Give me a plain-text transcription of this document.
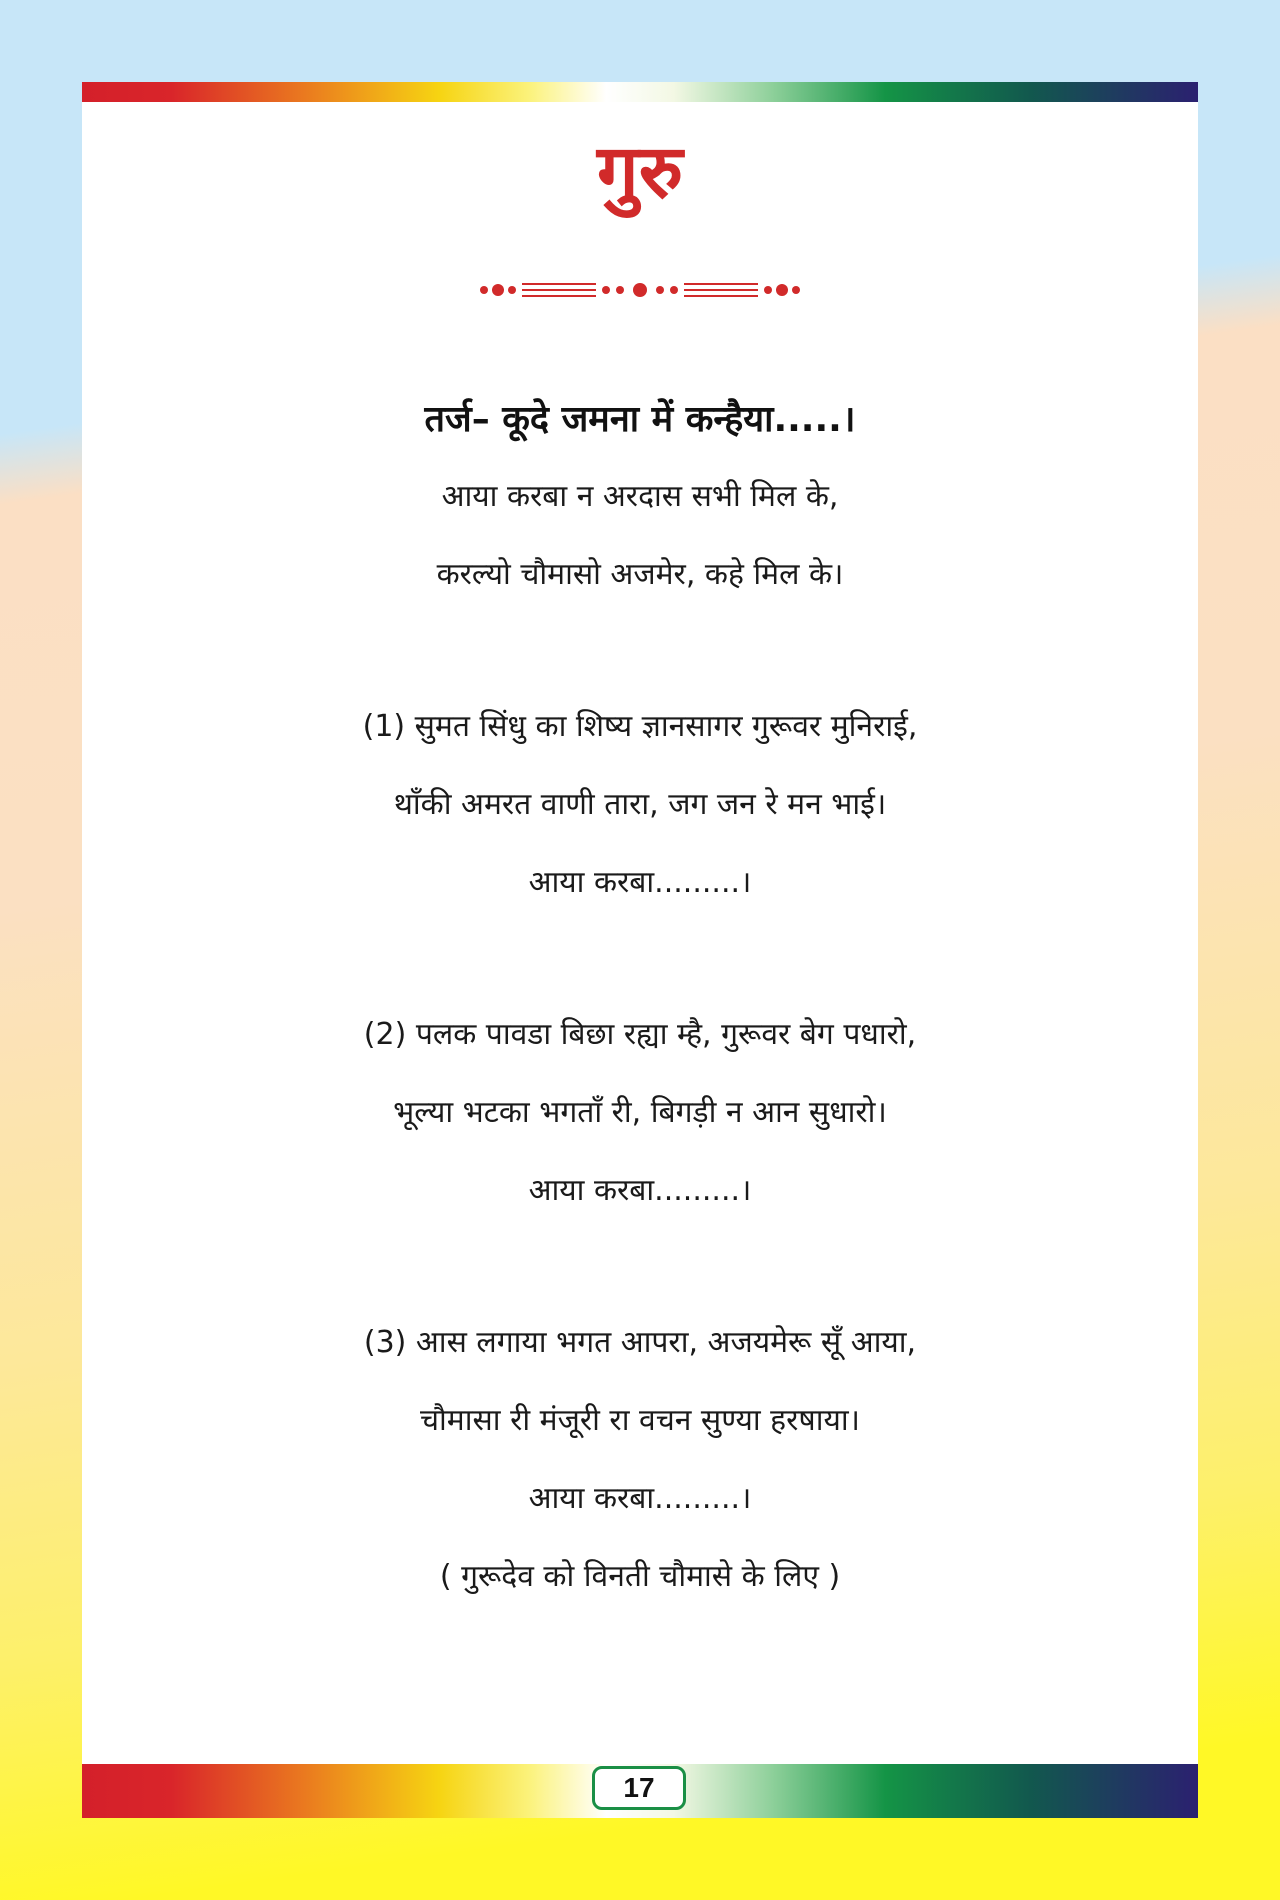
गुरु
तर्ज– कूदे जमना में कन्हैया.....।
आया करबा न अरदास सभी मिल के,
करल्यो चौमासो अजमेर, कहे मिल के।
(1) सुमत सिंधु का शिष्य ज्ञानसागर गुरूवर मुनिराई,
थाँकी अमरत वाणी तारा, जग जन रे मन भाई।
आया करबा.........।
(2) पलक पावडा बिछा रह्या म्है, गुरूवर बेग पधारो,
भूल्या भटका भगताँ री, बिगड़ी न आन सुधारो।
आया करबा.........।
(3) आस लगाया भगत आपरा, अजयमेरू सूँ आया,
चौमासा री मंजूरी रा वचन सुण्या हरषाया।
आया करबा.........।
( गुरूदेव को विनती चौमासे के लिए )
17
